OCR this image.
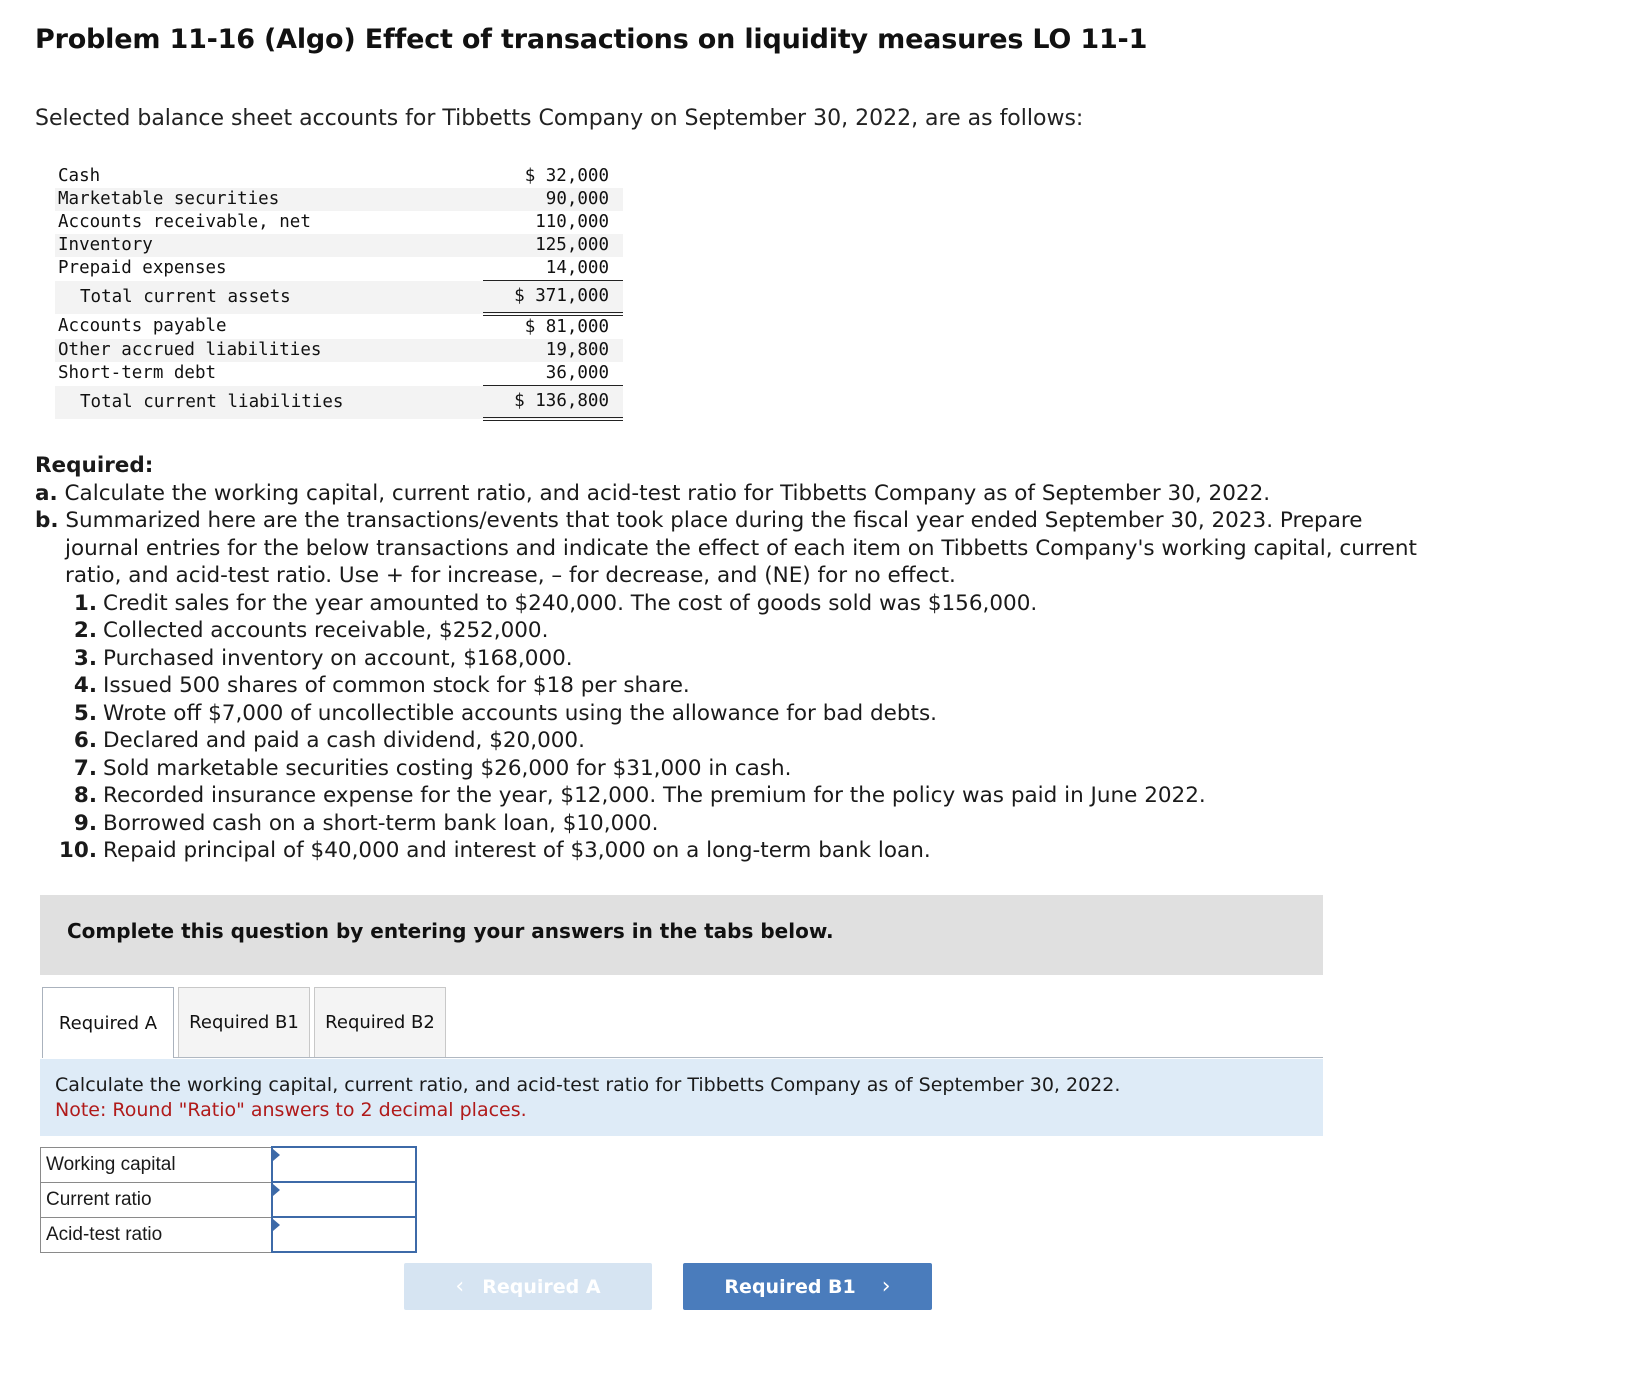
Problem 11-16 (Algo) Effect of transactions on liquidity measures LO 11-1

Selected balance sheet accounts for Tibbetts Company on September 30, 2022, are as follows:

Cash	$ 32,000
Marketable securities	90,000
Accounts receivable, net	110,000
Inventory	125,000
Prepaid expenses	14,000
Total current assets	$ 371,000
Accounts payable	$ 81,000
Other accrued liabilities	19,800
Short-term debt	36,000
Total current liabilities	$ 136,800
Required:
a. Calculate the working capital, current ratio, and acid-test ratio for Tibbetts Company as of September 30, 2022.
b. Summarized here are the transactions/events that took place during the fiscal year ended September 30, 2023. Prepare journal entries for the below transactions and indicate the effect of each item on Tibbetts Company's working capital, current ratio, and acid-test ratio. Use + for increase, – for decrease, and (NE) for no effect.
1. Credit sales for the year amounted to $240,000. The cost of goods sold was $156,000.
2. Collected accounts receivable, $252,000.
3. Purchased inventory on account, $168,000.
4. Issued 500 shares of common stock for $18 per share.
5. Wrote off $7,000 of uncollectible accounts using the allowance for bad debts.
6. Declared and paid a cash dividend, $20,000.
7. Sold marketable securities costing $26,000 for $31,000 in cash.
8. Recorded insurance expense for the year, $12,000. The premium for the policy was paid in June 2022.
9. Borrowed cash on a short-term bank loan, $10,000.
10. Repaid principal of $40,000 and interest of $3,000 on a long-term bank loan.
Complete this question by entering your answers in the tabs below.
Required A	Required B1	Required B2
Calculate the working capital, current ratio, and acid-test ratio for Tibbetts Company as of September 30, 2022.
Note: Round "Ratio" answers to 2 decimal places.
Working capital	
Current ratio	
Acid-test ratio	
‹ Required A	Required B1 ›
